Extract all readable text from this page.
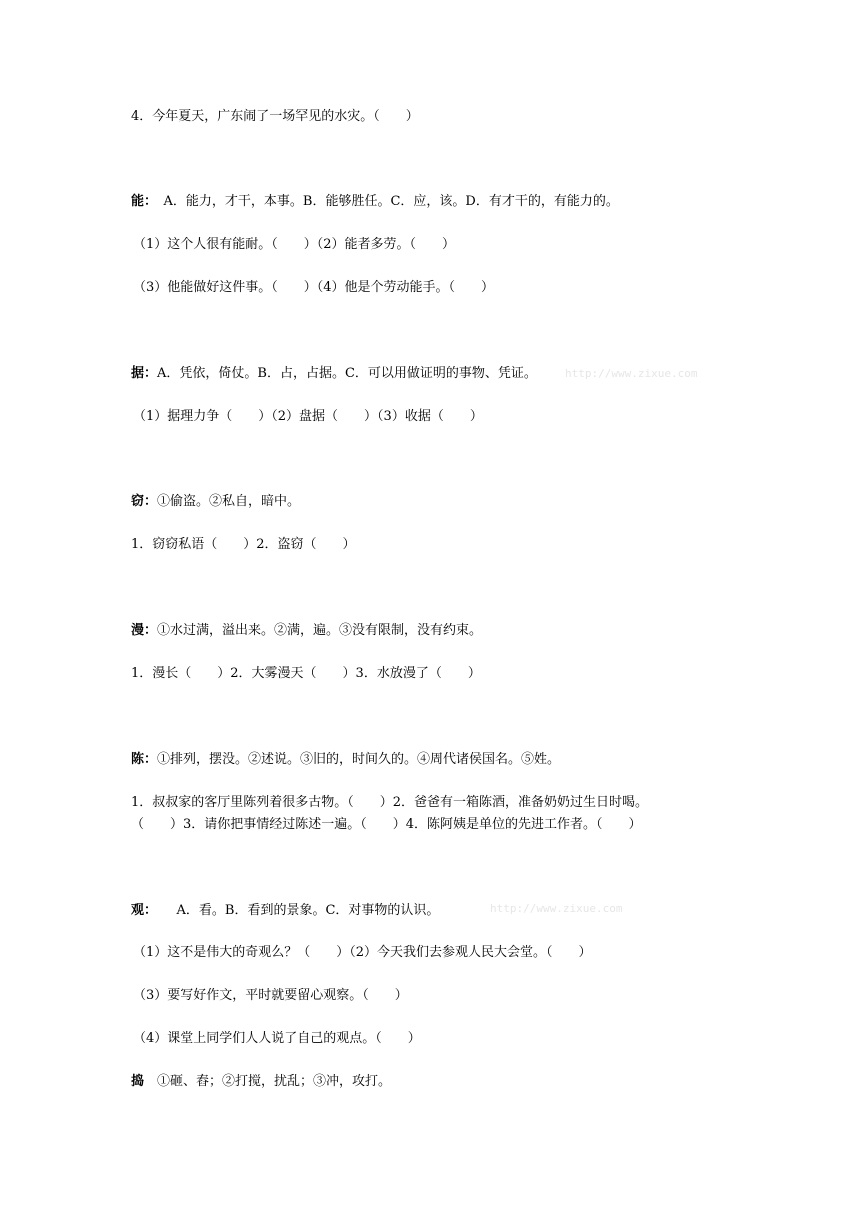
http://www.zixue.com
http://www.zixue.com
4．今年夏天，广东闹了一场罕见的水灾。（　　）
能：　A．能力，才干，本事。B．能够胜任。C．应，该。D．有才干的，有能力的。
（1）这个人很有能耐。（　　）（2）能者多劳。（　　）
（3）他能做好这件事。（　　）（4）他是个劳动能手。（　　）
据：A．凭依，倚仗。B．占，占据。C．可以用做证明的事物、凭证。
（1）据理力争（　　）（2）盘据（　　）（3）收据（　　）
窃：①偷盗。②私自，暗中。
1．窃窃私语（　　）2．盗窃（　　）
漫：①水过满，溢出来。②满，遍。③没有限制，没有约束。
1．漫长（　　）2．大雾漫天（　　）3．水放漫了（　　）
陈：①排列，摆没。②述说。③旧的，时间久的。④周代诸侯国名。⑤姓。
1．叔叔家的客厅里陈列着很多古物。（　　）2．爸爸有一箱陈酒，准备奶奶过生日时喝。
（　　）3．请你把事情经过陈述一遍。（　　）4．陈阿姨是单位的先进工作者。（　　）
观：　　A．看。B．看到的景象。C．对事物的认识。
（1）这不是伟大的奇观么？（　　）（2）今天我们去参观人民大会堂。（　　）
（3）要写好作文，平时就要留心观察。（　　）
（4）课堂上同学们人人说了自己的观点。（　　）
捣　①砸、舂；②打搅，扰乱；③冲，攻打。
